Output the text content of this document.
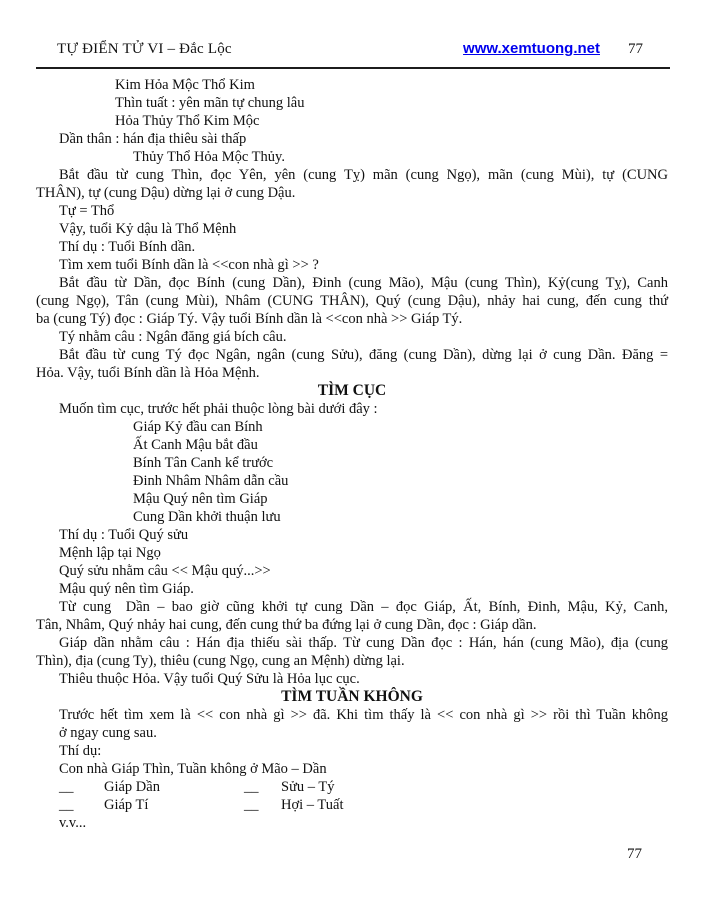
TỰ ĐIỂN TỬ VI – Đắc Lộc	www.xemtuong.net 77
Kim Hỏa Mộc Thổ Kim
Thìn tuất : yên mãn tự chung lâu
Hỏa Thủy Thổ Kim Mộc
Dần thân : hán địa thiêu sài thấp
Thủy Thổ Hỏa Mộc Thủy.
Bắt đầu từ cung Thìn, đọc Yên, yên (cung Tỵ) mãn (cung Ngọ), mãn (cung Mùi), tự (CUNG
THÂN), tự (cung Dậu) dừng lại ở cung Dậu.
Tự = Thổ
Vậy, tuổi Kỷ dậu là Thổ Mệnh
Thí dụ : Tuổi Bính dần.
Tìm xem tuổi Bính dần là <<con nhà gì >> ?
Bắt đầu từ Dần, đọc Bính (cung Dần), Đinh (cung Mão), Mậu (cung Thìn), Kỷ(cung Tỵ), Canh
(cung Ngọ), Tân (cung Mùi), Nhâm (CUNG THÂN), Quý (cung Dậu), nhảy hai cung, đến cung thứ
ba (cung Tý) đọc : Giáp Tý. Vậy tuổi Bính dần là <<con nhà >> Giáp Tý.
Tý nhằm câu : Ngân đăng giá bích câu.
Bắt đầu từ cung Tý đọc Ngân, ngân (cung Sửu), đăng (cung Dần), dừng lại ở cung Dần. Đăng =
Hỏa. Vậy, tuổi Bính dần là Hỏa Mệnh.
TÌM CỤC
Muốn tìm cục, trước hết phải thuộc lòng bài dưới đây :
Giáp Kỷ đầu can Bính
Ất Canh Mậu bắt đầu
Bính Tân Canh kể trước
Đinh Nhâm Nhâm dẫn cầu
Mậu Quý nên tìm Giáp
Cung Dần khởi thuận lưu
Thí dụ : Tuổi Quý sửu
Mệnh lập tại Ngọ
Quý sửu nhằm câu << Mậu quý...>>
Mậu quý nên tìm Giáp.
Từ cung  Dần – bao giờ cũng khởi tự cung Dần – đọc Giáp, Ất, Bính, Đinh, Mậu, Kỷ, Canh,
Tân, Nhâm, Quý nhảy hai cung, đến cung thứ ba đứng lại ở cung Dần, đọc : Giáp dần.
Giáp dần nhằm câu : Hán địa thiếu sài thấp. Từ cung Dần đọc : Hán, hán (cung Mão), địa (cung
Thìn), địa (cung Ty), thiêu (cung Ngọ, cung an Mệnh) dừng lại.
Thiêu thuộc Hỏa. Vậy tuổi Quý Sửu là Hỏa lục cục.
TÌM TUẦN KHÔNG
Trước hết tìm xem là << con nhà gì >> đã. Khi tìm thấy là << con nhà gì >> rồi thì Tuần không
ở ngay cung sau.
Thí dụ:
Con nhà Giáp Thìn, Tuần không ở Mão – Dần
__	Giáp Dần	__	Sửu – Tý
__	Giáp Tí	__	Hợi – Tuất
v.v...
77
